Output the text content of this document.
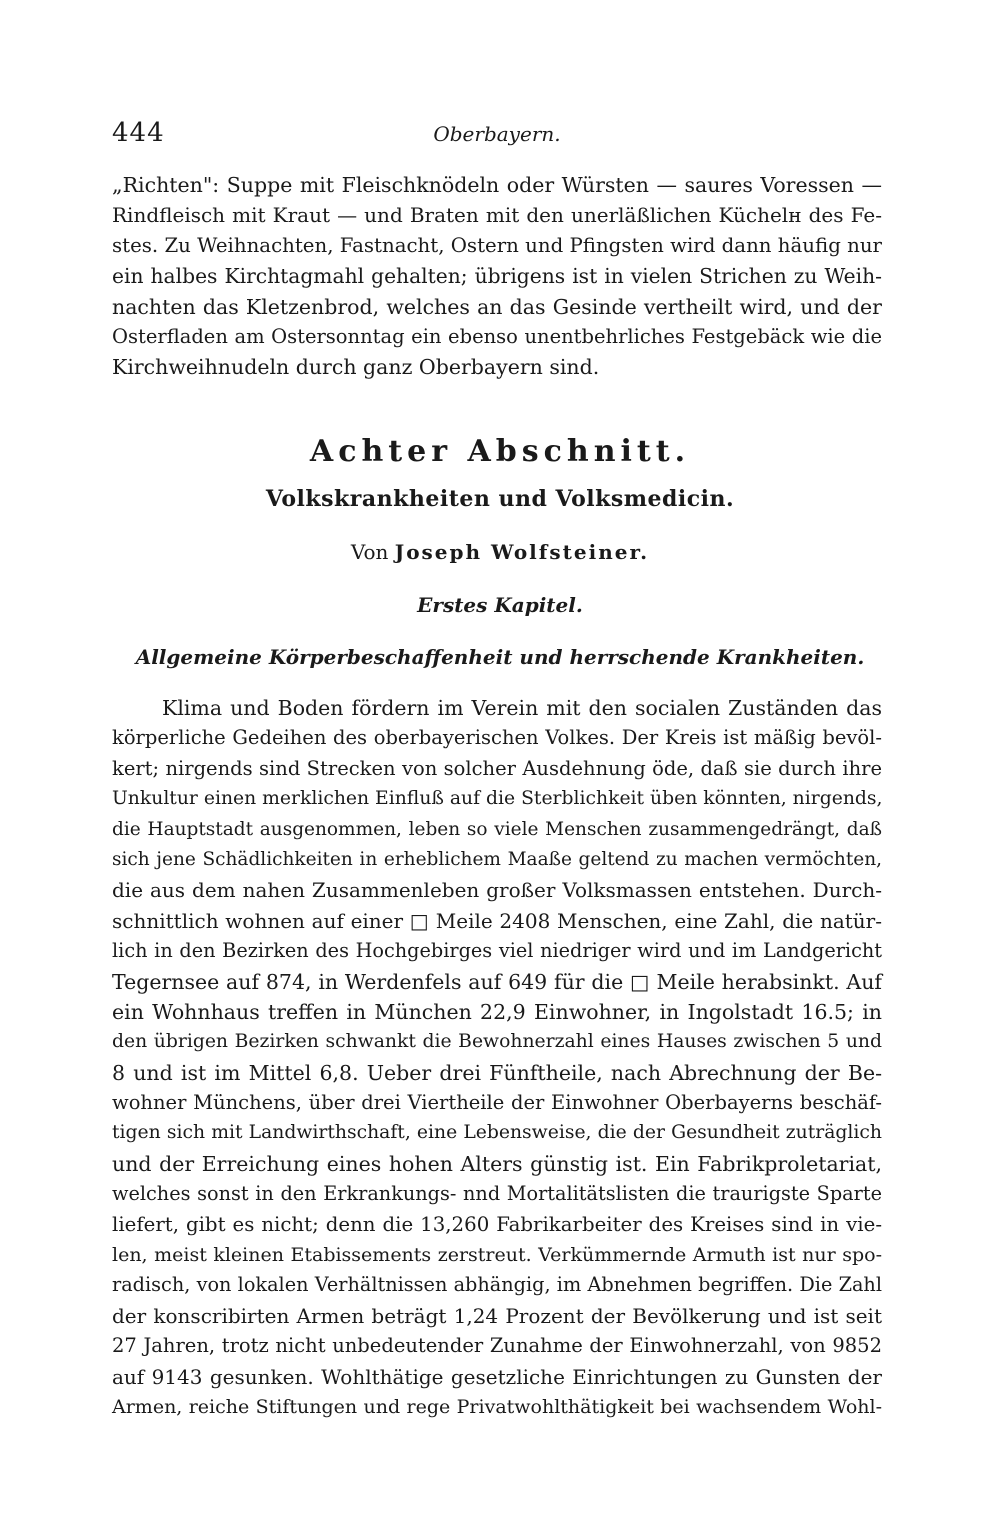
444	Oberbayern.
„Richten": Suppe mit Fleischknödeln oder Würsten — saures Voressen —
Rindfleisch mit Kraut — und Braten mit den unerläßlichen Küchelн des Fe-
stes. Zu Weihnachten, Fastnacht, Ostern und Pfingsten wird dann häufig nur
ein halbes Kirchtagmahl gehalten; übrigens ist in vielen Strichen zu Weih-
nachten das Kletzenbrod, welches an das Gesinde vertheilt wird, und der
Osterfladen am Ostersonntag ein ebenso unentbehrliches Festgebäck wie die
Kirchweihnudeln durch ganz Oberbayern sind.
Achter Abschnitt.
Volkskrankheiten und Volksmedicin.
Von Joseph Wolfsteiner.
Erstes Kapitel.
Allgemeine Körperbeschaffenheit und herrschende Krankheiten.
Klima und Boden fördern im Verein mit den socialen Zuständen das
körperliche Gedeihen des oberbayerischen Volkes. Der Kreis ist mäßig bevöl-
kert; nirgends sind Strecken von solcher Ausdehnung öde, daß sie durch ihre
Unkultur einen merklichen Einfluß auf die Sterblichkeit üben könnten, nirgends,
die Hauptstadt ausgenommen, leben so viele Menschen zusammengedrängt, daß
sich jene Schädlichkeiten in erheblichem Maaße geltend zu machen vermöchten,
die aus dem nahen Zusammenleben großer Volksmassen entstehen. Durch-
schnittlich wohnen auf einer □ Meile 2408 Menschen, eine Zahl, die natür-
lich in den Bezirken des Hochgebirges viel niedriger wird und im Landgericht
Tegernsee auf 874, in Werdenfels auf 649 für die □ Meile herabsinkt. Auf
ein Wohnhaus treffen in München 22,9 Einwohner, in Ingolstadt 16.5; in
den übrigen Bezirken schwankt die Bewohnerzahl eines Hauses zwischen 5 und
8 und ist im Mittel 6,8. Ueber drei Fünftheile, nach Abrechnung der Be-
wohner Münchens, über drei Viertheile der Einwohner Oberbayerns beschäf-
tigen sich mit Landwirthschaft, eine Lebensweise, die der Gesundheit zuträglich
und der Erreichung eines hohen Alters günstig ist. Ein Fabrikproletariat,
welches sonst in den Erkrankungs- nnd Mortalitätslisten die traurigste Sparte
liefert, gibt es nicht; denn die 13,260 Fabrikarbeiter des Kreises sind in vie-
len, meist kleinen Etabissements zerstreut. Verkümmernde Armuth ist nur spo-
radisch, von lokalen Verhältnissen abhängig, im Abnehmen begriffen. Die Zahl
der konscribirten Armen beträgt 1,24 Prozent der Bevölkerung und ist seit
27 Jahren, trotz nicht unbedeutender Zunahme der Einwohnerzahl, von 9852
auf 9143 gesunken. Wohlthätige gesetzliche Einrichtungen zu Gunsten der
Armen, reiche Stiftungen und rege Privatwohlthätigkeit bei wachsendem Wohl-
